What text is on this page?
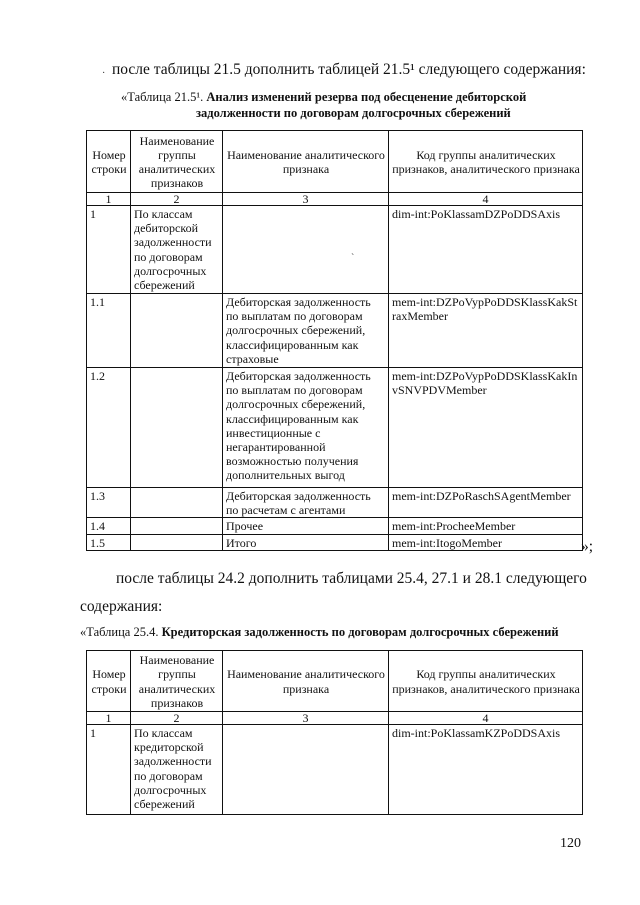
· после таблицы 21.5 дополнить таблицей 21.5¹ следующего содержания:
«Таблица 21.5¹. Анализ изменений резерва под обесценение дебиторской
задолженности по договорам долгосрочных сбережений
Номер строки	Наименование группы аналитических признаков	Наименование аналитического признака	Код группы аналитических признаков, аналитического признака
1	2	3	4
1	По классам дебиторской задолженности по договорам долгосрочных сбережений	`	dim-int:PoKlassamDZPoDDSAxis
1.1		Дебиторская задолженность по выплатам по договорам долгосрочных сбережений, классифицированным как страховые	mem-int:DZPoVypPoDDSKlassKakStraxMember
1.2		Дебиторская задолженность по выплатам по договорам долгосрочных сбережений, классифицированным как инвестиционные с негарантированной возможностью получения дополнительных выгод	mem-int:DZPoVypPoDDSKlassKakInvSNVPDVMember
1.3		Дебиторская задолженность по расчетам с агентами	mem-int:DZPoRaschSAgentMember
1.4		Прочее	mem-int:ProcheeMember
1.5		Итого	mem-int:ItogoMember	»;
после таблицы 24.2 дополнить таблицами 25.4, 27.1 и 28.1 следующего
содержания:
«Таблица 25.4. Кредиторская задолженность по договорам долгосрочных сбережений
Номер строки	Наименование группы аналитических признаков	Наименование аналитического признака	Код группы аналитических признаков, аналитического признака
1	2	3	4
1	По классам кредиторской задолженности по договорам долгосрочных сбережений		dim-int:PoKlassamKZPoDDSAxis
120
